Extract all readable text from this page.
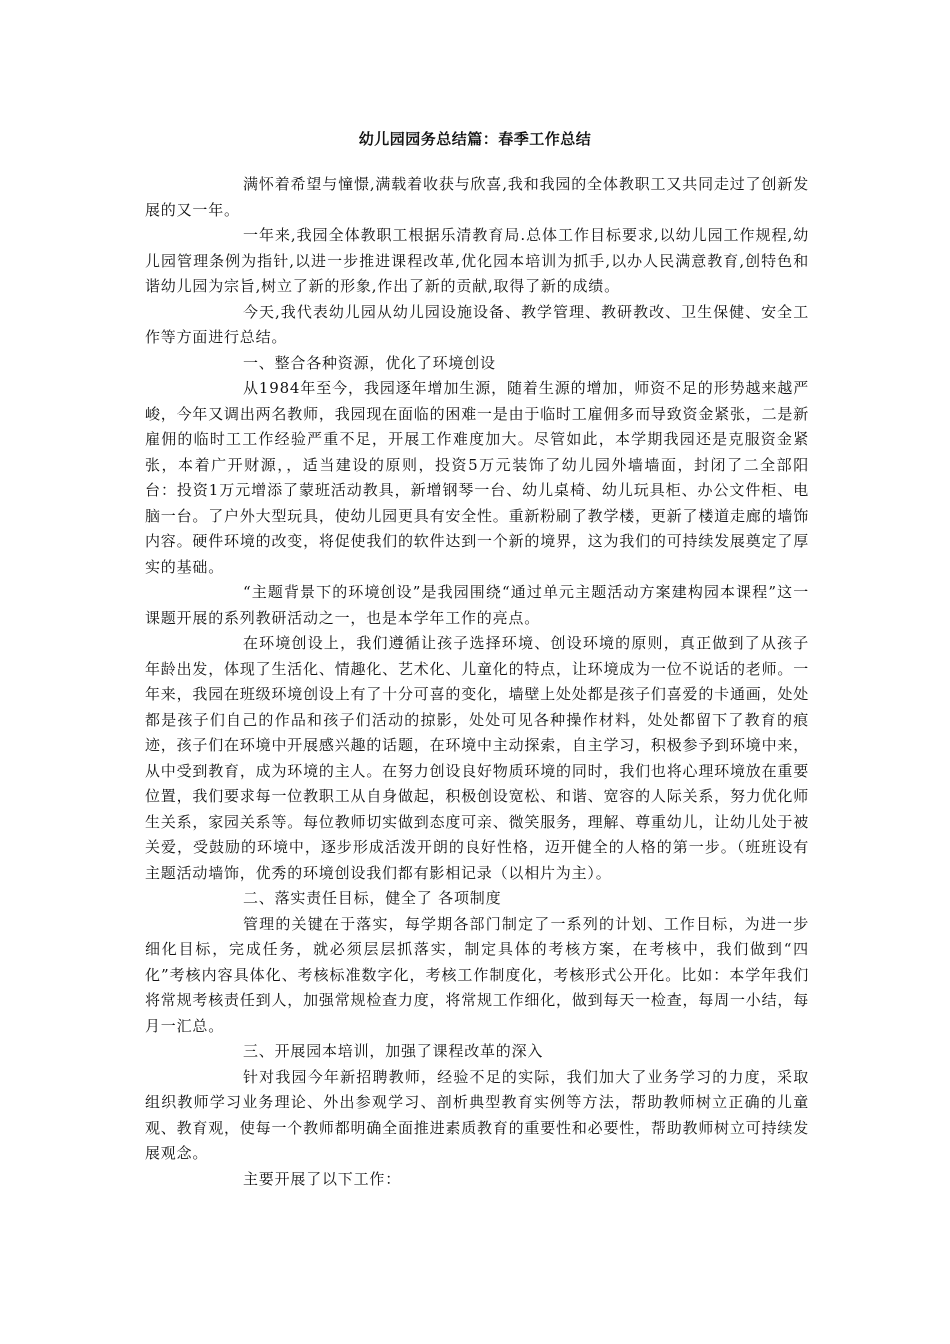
幼儿园园务总结篇：春季工作总结

满怀着希望与憧憬,满载着收获与欣喜,我和我园的全体教职工又共同走过了创新发展的又一年。

一年来,我园全体教职工根据乐清教育局.总体工作目标要求,以幼儿园工作规程,幼儿园管理条例为指针,以进一步推进课程改革,优化园本培训为抓手,以办人民满意教育,创特色和谐幼儿园为宗旨,树立了新的形象,作出了新的贡献,取得了新的成绩。

今天,我代表幼儿园从幼儿园设施设备、教学管理、教研教改、卫生保健、安全工作等方面进行总结。

一、整合各种资源，优化了环境创设

从1984年至今，我园逐年增加生源，随着生源的增加，师资不足的形势越来越严峻，今年又调出两名教师，我园现在面临的困难一是由于临时工雇佣多而导致资金紧张，二是新雇佣的临时工工作经验严重不足，开展工作难度加大。尽管如此，本学期我园还是克服资金紧张，本着广开财源，，适当建设的原则，投资5万元装饰了幼儿园外墙墙面，封闭了二全部阳台：投资1万元增添了蒙班活动教具，新增钢琴一台、幼儿桌椅、幼儿玩具柜、办公文件柜、电脑一台。了户外大型玩具，使幼儿园更具有安全性。重新粉刷了教学楼，更新了楼道走廊的墙饰内容。硬件环境的改变，将促使我们的软件达到一个新的境界，这为我们的可持续发展奠定了厚实的基础。

“主题背景下的环境创设”是我园围绕“通过单元主题活动方案建构园本课程”这一课题开展的系列教研活动之一，也是本学年工作的亮点。

在环境创设上，我们遵循让孩子选择环境、创设环境的原则，真正做到了从孩子年龄出发，体现了生活化、情趣化、艺术化、儿童化的特点，让环境成为一位不说话的老师。一年来，我园在班级环境创设上有了十分可喜的变化，墙壁上处处都是孩子们喜爱的卡通画，处处都是孩子们自己的作品和孩子们活动的掠影，处处可见各种操作材料，处处都留下了教育的痕迹，孩子们在环境中开展感兴趣的话题，在环境中主动探索，自主学习，积极参予到环境中来，从中受到教育，成为环境的主人。在努力创设良好物质环境的同时，我们也将心理环境放在重要位置，我们要求每一位教职工从自身做起，积极创设宽松、和谐、宽容的人际关系，努力优化师生关系，家园关系等。每位教师切实做到态度可亲、微笑服务，理解、尊重幼儿，让幼儿处于被关爱，受鼓励的环境中，逐步形成活泼开朗的良好性格，迈开健全的人格的第一步。（班班设有主题活动墙饰，优秀的环境创设我们都有影相记录（以相片为主）。

二、落实责任目标，健全了 各项制度

管理的关键在于落实，每学期各部门制定了一系列的计划、工作目标，为进一步细化目标，完成任务，就必须层层抓落实，制定具体的考核方案，在考核中，我们做到“四化”考核内容具体化、考核标准数字化，考核工作制度化，考核形式公开化。比如：本学年我们将常规考核责任到人，加强常规检查力度，将常规工作细化，做到每天一检查，每周一小结，每月一汇总。

三、开展园本培训，加强了课程改革的深入

针对我园今年新招聘教师，经验不足的实际，我们加大了业务学习的力度，采取组织教师学习业务理论、外出参观学习、剖析典型教育实例等方法，帮助教师树立正确的儿童观、教育观，使每一个教师都明确全面推进素质教育的重要性和必要性，帮助教师树立可持续发展观念。

主要开展了以下工作：
